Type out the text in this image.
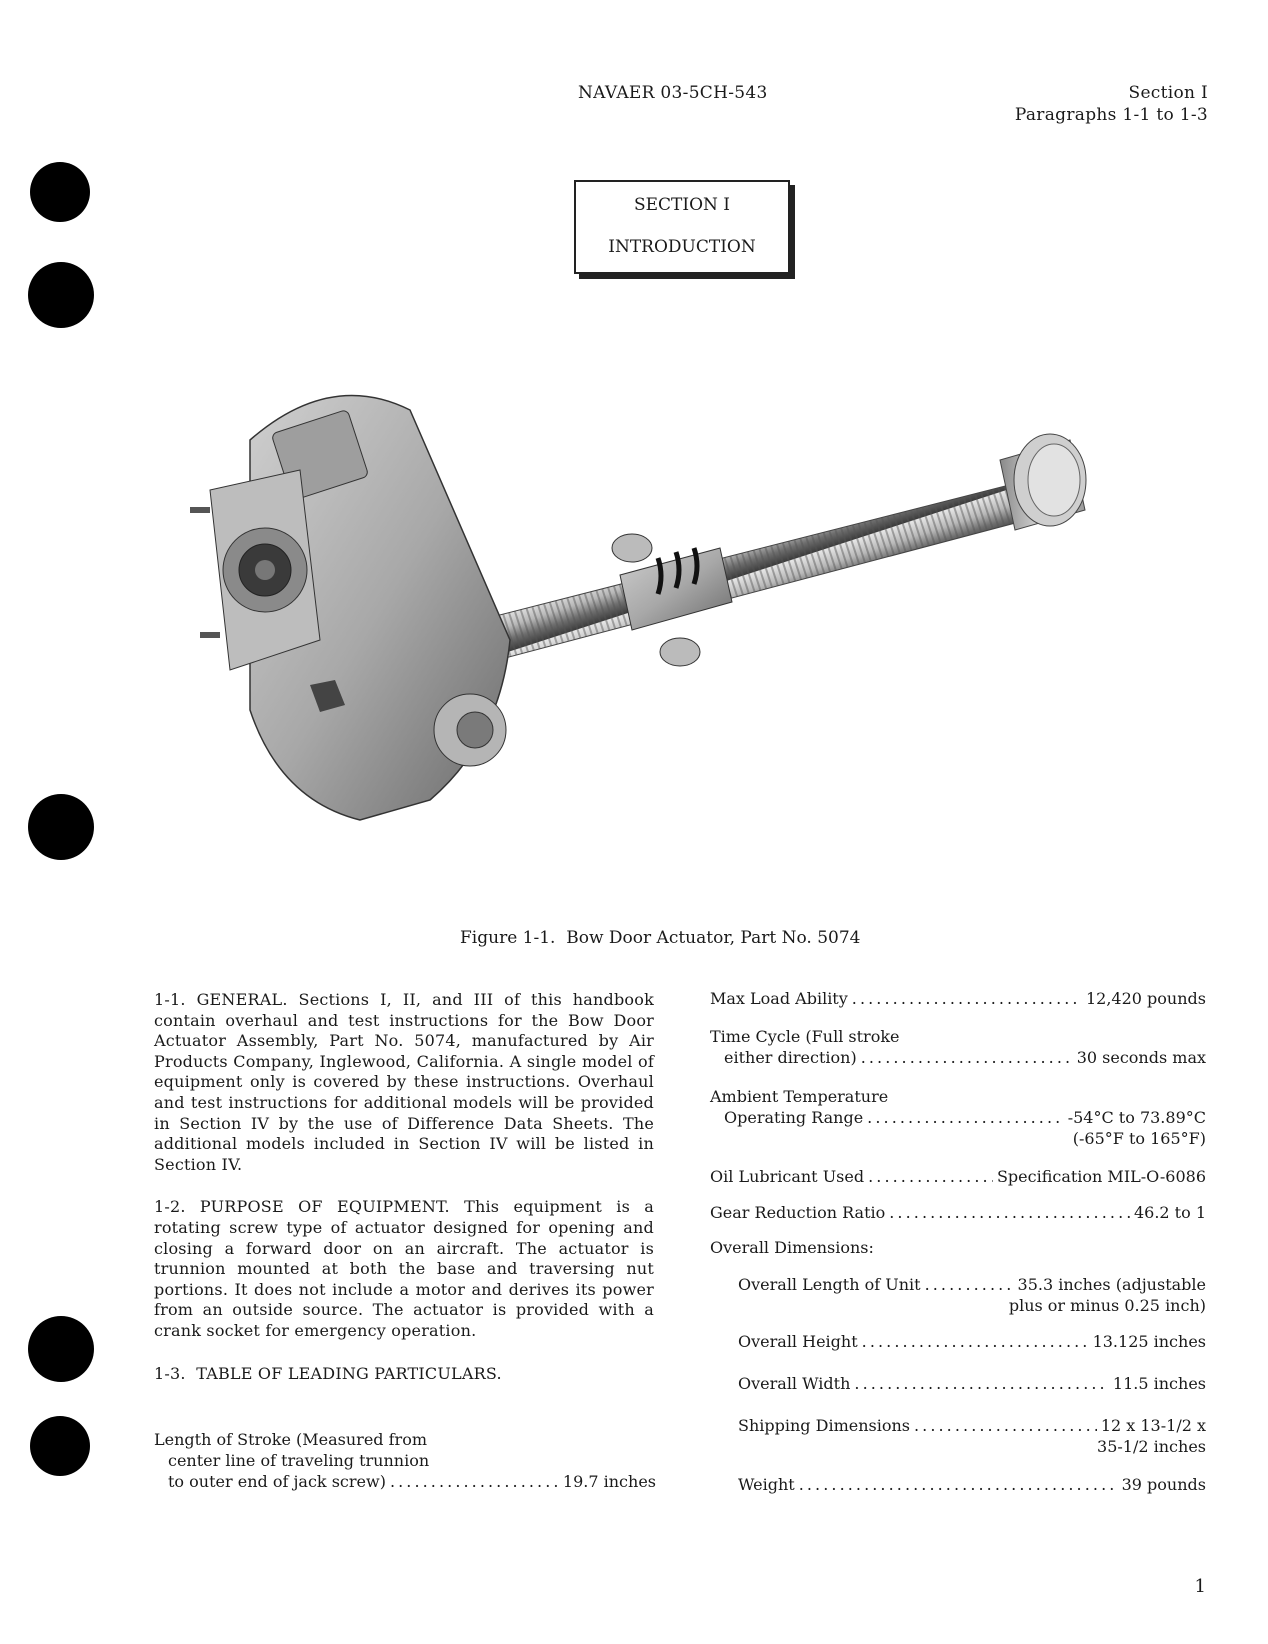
NAVAER 03-5CH-543	Section I
Paragraphs 1-1 to 1-3
SECTION I
INTRODUCTION
Figure 1-1.  Bow Door Actuator, Part No. 5074

1-1. GENERAL. Sections I, II, and III of this handbook contain overhaul and test instructions for the Bow Door Actuator Assembly, Part No. 5074, manufactured by Air Products Company, Inglewood, California. A single model of equipment only is covered by these instructions. Overhaul and test instructions for additional models will be provided in Section IV by the use of Difference Data Sheets. The additional models included in Section IV will be listed in Section IV.

1-2. PURPOSE OF EQUIPMENT. This equipment is a rotating screw type of actuator designed for opening and closing a forward door on an aircraft. The actuator is trunnion mounted at both the base and traversing nut portions. It does not include a motor and derives its power from an outside source. The actuator is provided with a crank socket for emergency operation.

1-3.  TABLE OF LEADING PARTICULARS.

Length of Stroke (Measured from
center line of traveling trunnion
to outer end of jack screw) . . .	19.7 inches
Max Load Ability . . .	12,420 pounds
Time Cycle (Full stroke
either direction) . . .	30 seconds max
Ambient Temperature
Operating Range . . .	-54°C to 73.89°C
(-65°F to 165°F)
Oil Lubricant Used . . .	Specification MIL-O-6086
Gear Reduction Ratio . . .	46.2 to 1
Overall Dimensions:
Overall Length of Unit . . .	35.3 inches (adjustable
plus or minus 0.25 inch)
Overall Height . . .	13.125 inches
Overall Width . . .	11.5 inches
Shipping Dimensions . . .	12 x 13-1/2 x
35-1/2 inches
Weight . . .	39 pounds
1
